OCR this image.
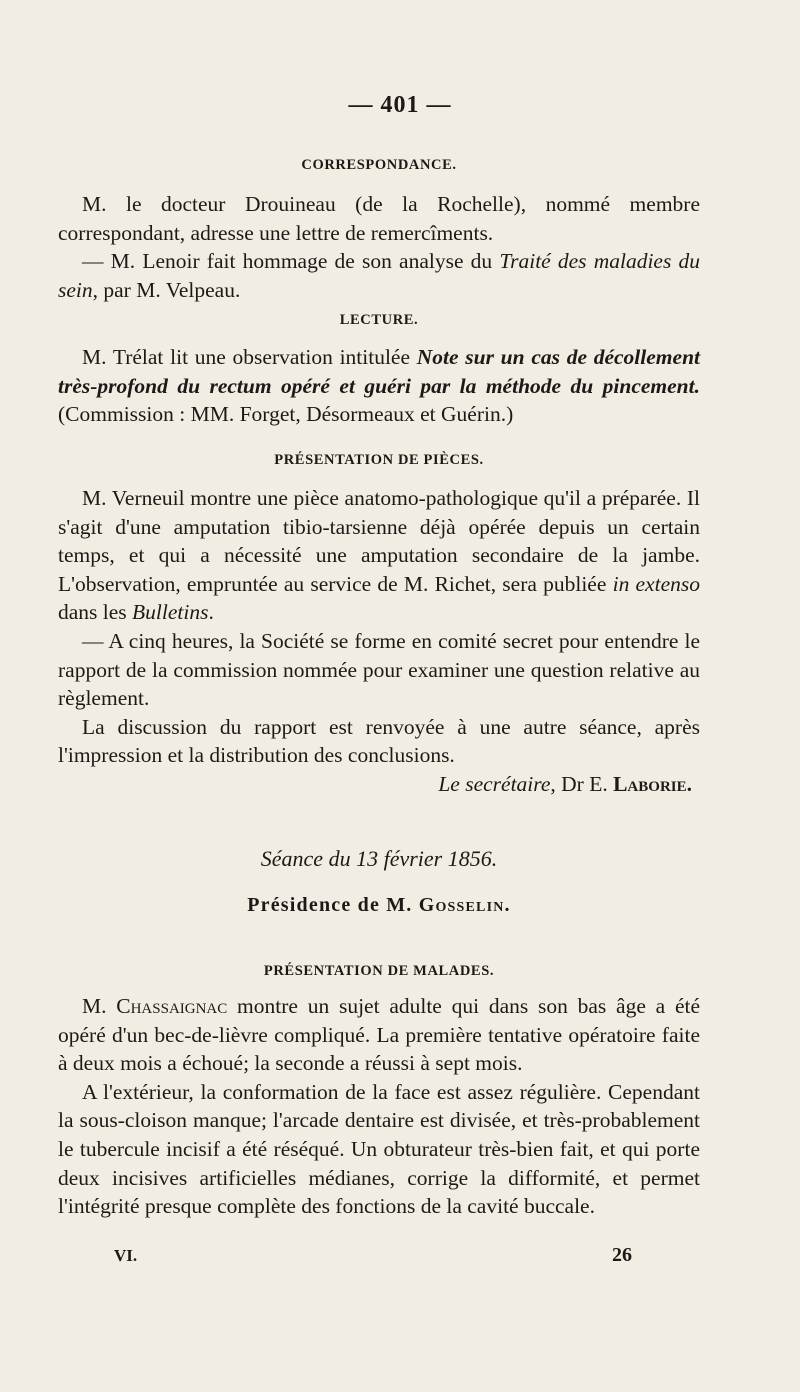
— 401 —
CORRESPONDANCE.

M. le docteur Drouineau (de la Rochelle), nommé membre correspondant, adresse une lettre de remercîments.

— M. Lenoir fait hommage de son analyse du Traité des maladies du sein, par M. Velpeau.

LECTURE.

M. Trélat lit une observation intitulée Note sur un cas de décollement très-profond du rectum opéré et guéri par la méthode du pincement. (Commission : MM. Forget, Désormeaux et Guérin.)

PRÉSENTATION DE PIÈCES.

M. Verneuil montre une pièce anatomo-pathologique qu'il a préparée. Il s'agit d'une amputation tibio-tarsienne déjà opérée depuis un certain temps, et qui a nécessité une amputation secondaire de la jambe. L'observation, empruntée au service de M. Richet, sera publiée in extenso dans les Bulletins.

— A cinq heures, la Société se forme en comité secret pour entendre le rapport de la commission nommée pour examiner une question relative au règlement.

La discussion du rapport est renvoyée à une autre séance, après l'impression et la distribution des conclusions.

Le secrétaire, Dr E. Laborie.
Séance du 13 février 1856.
Présidence de M. Gosselin.
PRÉSENTATION DE MALADES.

M. Chassaignac montre un sujet adulte qui dans son bas âge a été opéré d'un bec-de-lièvre compliqué. La première tentative opératoire faite à deux mois a échoué; la seconde a réussi à sept mois.

A l'extérieur, la conformation de la face est assez régulière. Cependant la sous-cloison manque; l'arcade dentaire est divisée, et très-probablement le tubercule incisif a été réséqué. Un obturateur très-bien fait, et qui porte deux incisives artificielles médianes, corrige la difformité, et permet l'intégrité presque complète des fonctions de la cavité buccale.

VI.	26
